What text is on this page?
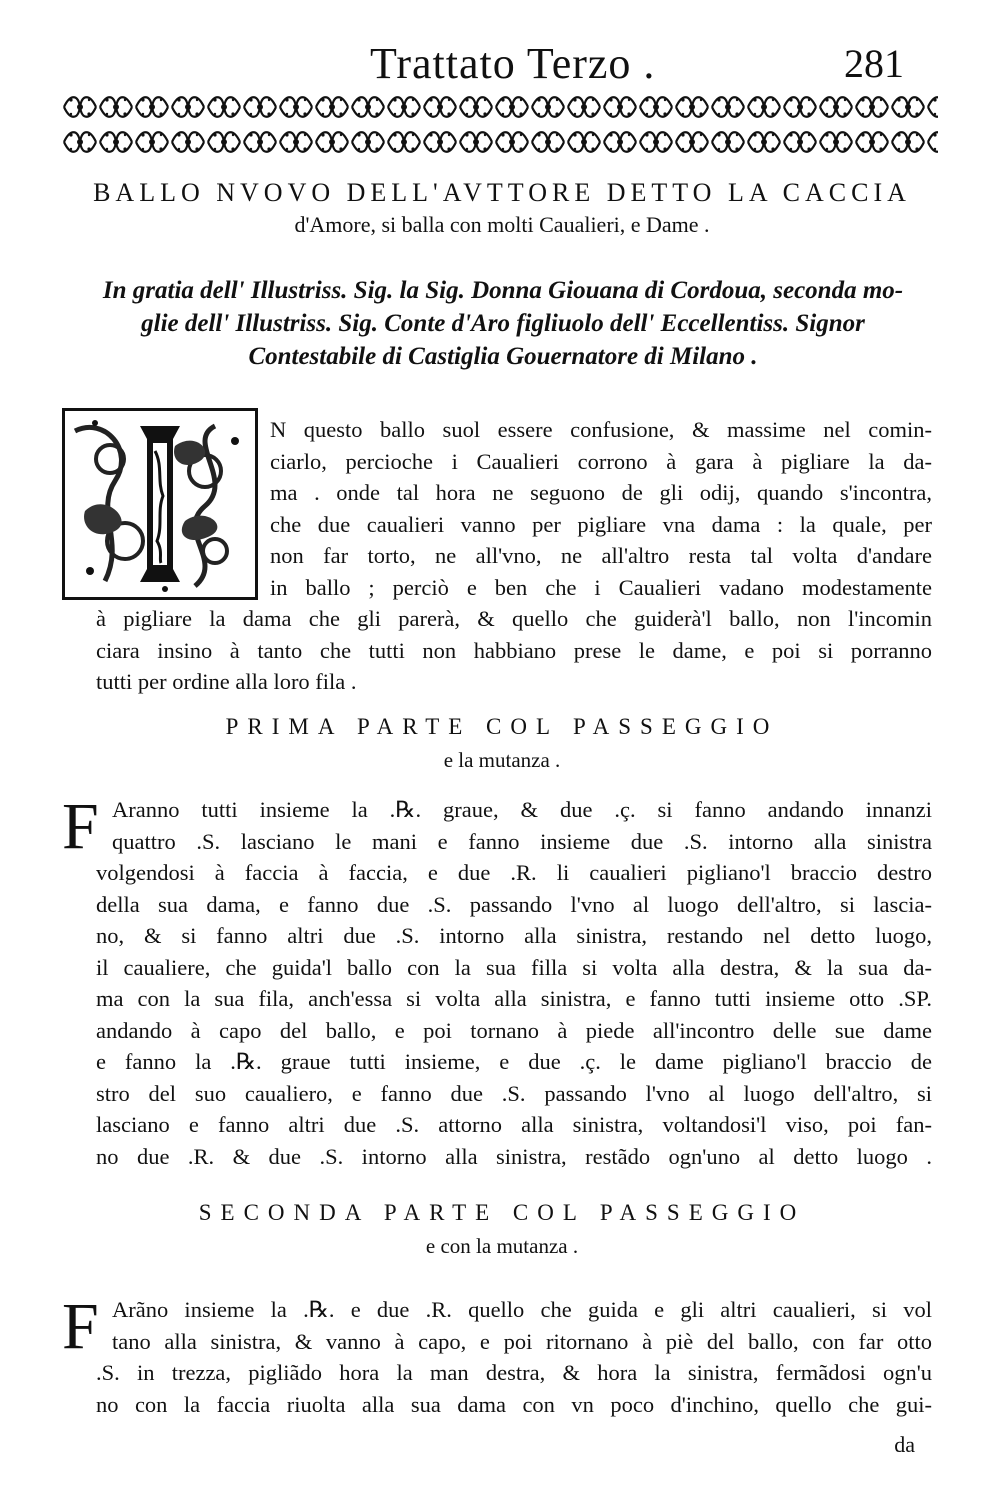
Trattato Terzo .	281
BALLO NVOVO DELL'AVTTORE DETTO LA CACCIA
d'Amore, si balla con molti Caualieri, e Dame .
In gratia dell' Illustriss. Sig. la Sig. Donna Giouana di Cordoua, seconda mo-
glie dell' Illustriss. Sig. Conte d'Aro figliuolo dell' Eccellentiss. Signor
Contestabile di Castiglia Gouernatore di Milano .
N questo ballo suol essere confusione, & massime nel comin-
ciarlo, percioche i Caualieri corrono à gara à pigliare la da-
ma . onde tal hora ne seguono de gli odij, quando s'incontra,
che due caualieri vanno per pigliare vna dama : la quale, per
non far torto, ne all'vno, ne all'altro resta tal volta d'andare
in ballo ; perciò e ben che i Caualieri vadano modestamente
à pigliare la dama che gli parerà, & quello che guiderà'l ballo, non l'incomin
ciara insino à tanto che tutti non habbiano prese le dame, e poi si porranno
tutti per ordine alla loro fila .
PRIMA PARTE COL PASSEGGIO
e la mutanza .
F Aranno tutti insieme la .℞. graue, & due .ç. si fanno andando innanzi
quattro .S. lasciano le mani e fanno insieme due .S. intorno alla sinistra
volgendosi à faccia à faccia, e due .R. li caualieri pigliano'l braccio destro
della sua dama, e fanno due .S. passando l'vno al luogo dell'altro, si lascia-
no, & si fanno altri due .S. intorno alla sinistra, restando nel detto luogo,
il caualiere, che guida'l ballo con la sua filla si volta alla destra, & la sua da-
ma con la sua fila, anch'essa si volta alla sinistra, e fanno tutti insieme otto .SP.
andando à capo del ballo, e poi tornano à piede all'incontro delle sue dame
e fanno la .℞. graue tutti insieme, e due .ç. le dame pigliano'l braccio de
stro del suo caualiero, e fanno due .S. passando l'vno al luogo dell'altro, si
lasciano e fanno altri due .S. attorno alla sinistra, voltandosi'l viso, poi fan-
no due .R. & due .S. intorno alla sinistra, restãdo ogn'uno al detto luogo .
SECONDA PARTE COL PASSEGGIO
e con la mutanza .
F Arãno insieme la .℞. e due .R. quello che guida e gli altri caualieri, si vol
tano alla sinistra, & vanno à capo, e poi ritornano à piè del ballo, con far otto
.S. in trezza, pigliãdo hora la man destra, & hora la sinistra, fermãdosi ogn'u
no con la faccia riuolta alla sua dama con vn poco d'inchino, quello che gui-
da
